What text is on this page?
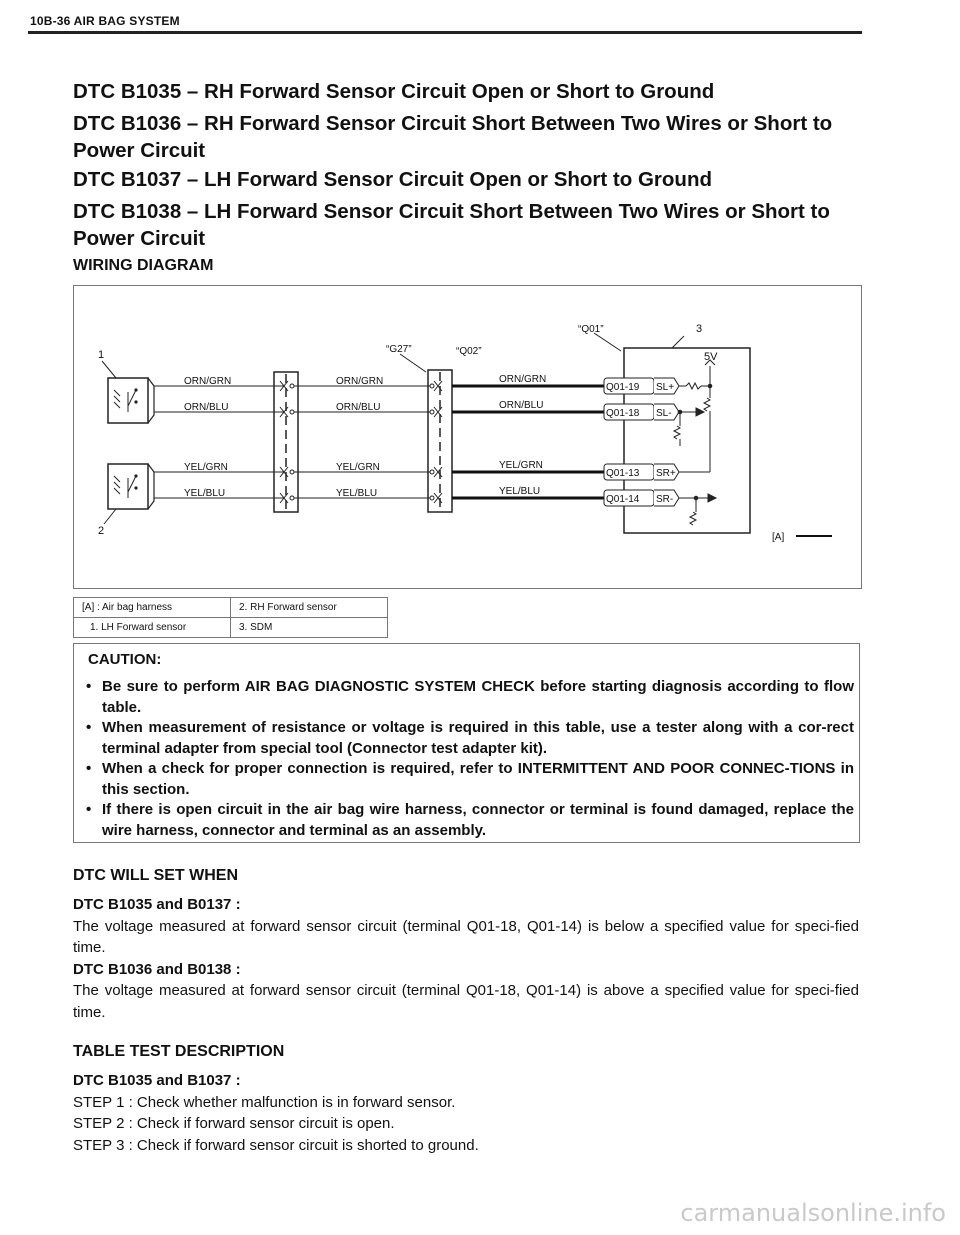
10B-36 AIR BAG SYSTEM
DTC B1035 – RH Forward Sensor Circuit Open or Short to Ground
DTC B1036 – RH Forward Sensor Circuit Short Between Two Wires or Short to Power Circuit
DTC B1037 – LH Forward Sensor Circuit Open or Short to Ground
DTC B1038 – LH Forward Sensor Circuit Short Between Two Wires or Short to Power Circuit
WIRING DIAGRAM
1
2
3
“G27”	“Q02”
“Q01”
5V
[A]
ORN/GRN
ORN/BLU
YEL/GRN
YEL/BLU
ORN/GRN
ORN/BLU
YEL/GRN
YEL/BLU
ORN/GRN
ORN/BLU
YEL/GRN
YEL/BLU
Q01-19
Q01-18
Q01-13
Q01-14
SL+
SL-
SR+
SR-
[A] : Air bag harness	2. RH Forward sensor
1. LH Forward sensor	3. SDM
CAUTION:
• Be sure to perform AIR BAG DIAGNOSTIC SYSTEM CHECK before starting diagnosis according to flow table.
• When measurement of resistance or voltage is required in this table, use a tester along with a cor-rect terminal adapter from special tool (Connector test adapter kit).
• When a check for proper connection is required, refer to INTERMITTENT AND POOR CONNEC-TIONS in this section.
• If there is open circuit in the air bag wire harness, connector or terminal is found damaged, replace the wire harness, connector and terminal as an assembly.
DTC WILL SET WHEN
DTC B1035 and B0137 :
The voltage measured at forward sensor circuit (terminal Q01-18, Q01-14) is below a specified value for speci-fied time.
DTC B1036 and B0138 :
The voltage measured at forward sensor circuit (terminal Q01-18, Q01-14) is above a specified value for speci-fied time.
TABLE TEST DESCRIPTION
DTC B1035 and B1037 :
STEP 1 : Check whether malfunction is in forward sensor.
STEP 2 : Check if forward sensor circuit is open.
STEP 3 : Check if forward sensor circuit is shorted to ground.
carmanualsonline.info
